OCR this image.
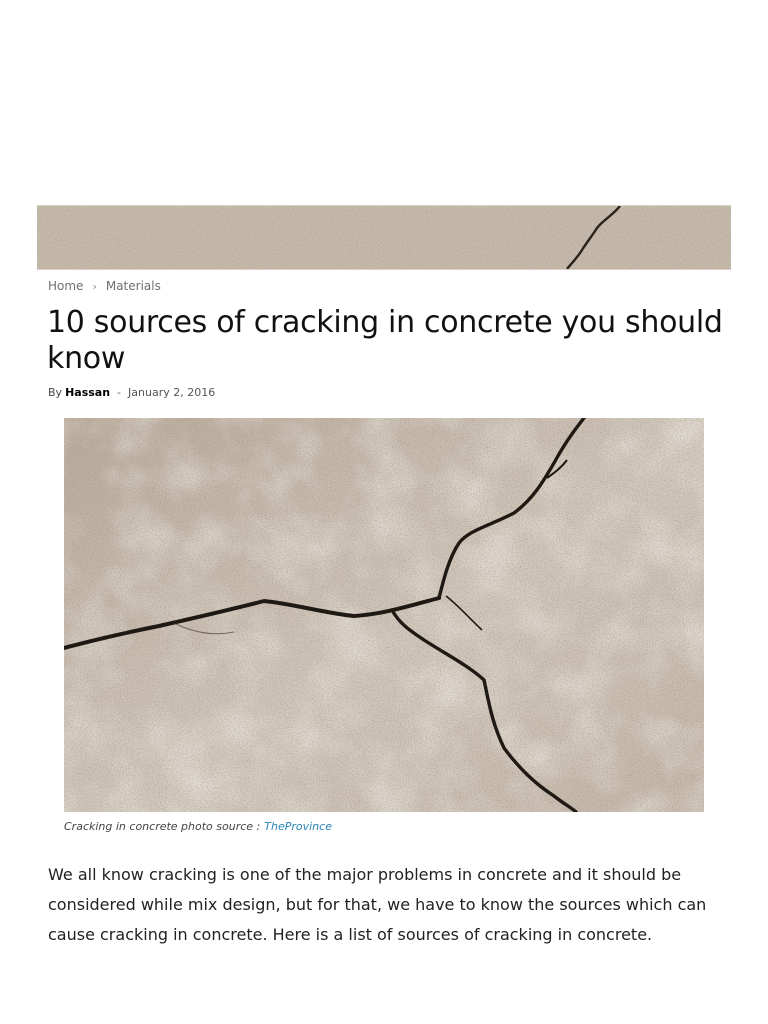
Home › Materials
10 sources of cracking in concrete you should know
By Hassan - January 2, 2016
Cracking in concrete photo source : TheProvince

We all know cracking is one of the major problems in concrete and it should be considered while mix design, but for that, we have to know the sources which can cause cracking in concrete. Here is a list of sources of cracking in concrete.
